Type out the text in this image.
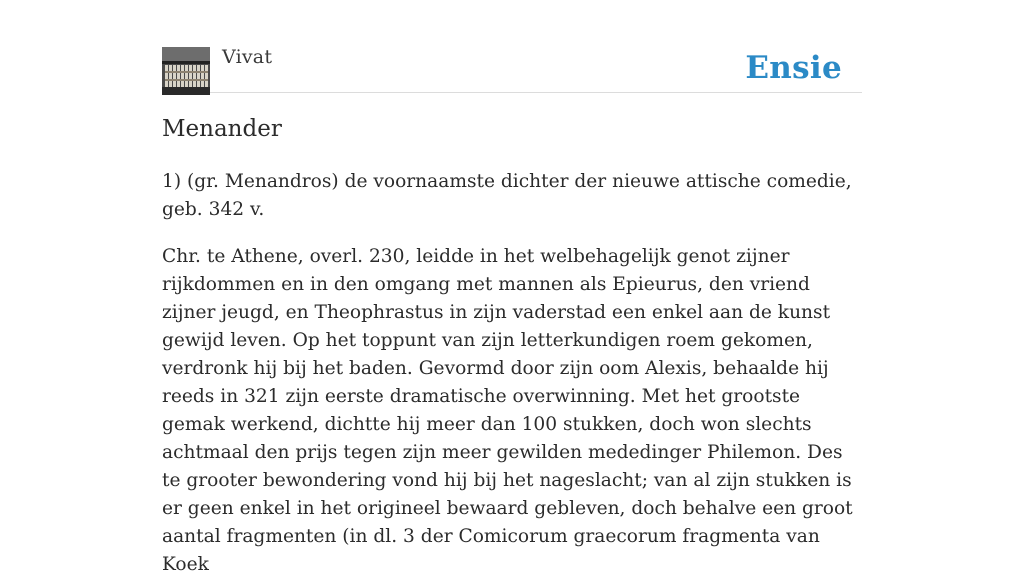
Vivat	Ensie
Menander

1) (gr. Menandros) de voornaamste dichter der nieuwe attische comedie, geb. 342 v.

Chr. te Athene, overl. 230, leidde in het welbehagelijk genot zijner rijkdommen en in den omgang met mannen als Epieurus, den vriend zijner jeugd, en Theophrastus in zijn vaderstad een enkel aan de kunst gewijd leven. Op het toppunt van zijn letterkundigen roem gekomen, verdronk hij bij het baden. Gevormd door zijn oom Alexis, behaalde hij reeds in 321 zijn eerste dramatische overwinning. Met het grootste gemak werkend, dichtte hij meer dan 100 stukken, doch won slechts achtmaal den prijs tegen zijn meer gewilden mededinger Philemon. Des te grooter bewondering vond hij bij het nageslacht; van al zijn stukken is er geen enkel in het origineel bewaard gebleven, doch behalve een groot aantal fragmenten (in dl. 3 der Comicorum graecorum fragmenta van Koek
